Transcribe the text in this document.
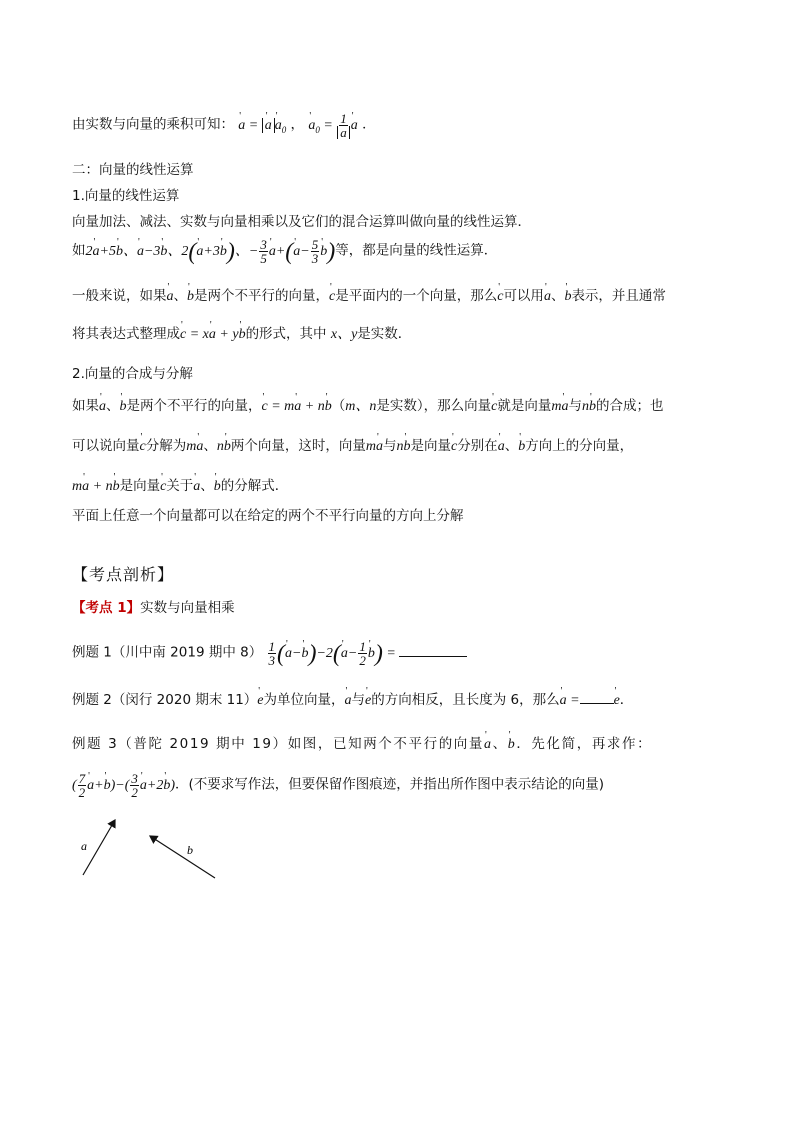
由实数与向量的乘积可知： ' a = ' a ' $a_0$ ， ' $a_0 = \frac{1}{a}$ ' a ．
二：向量的线性运算
1.向量的线性运算
向量加法、减法、实数与向量相乘以及它们的混合运算叫做向量的线性运算．
如2' a+5' b、' a−3' b、2(' a+3' b)、− $\frac{3}{5}$ ' a+(' $a- \frac{5}{3}$ ' b)等，都是向量的线性运算．
一般来说，如果' a、' b是两个不平行的向量，' c是平面内的一个向量，那么' c可以用' a、' b表示，并且通常
将其表达式整理成' c = x' a + y' b的形式，其中 x、y是实数．
2.向量的合成与分解
如果' a、' b是两个不平行的向量，' c = m' a + n' b（m、n是实数），那么向量' c就是向量m' a与n' b的合成；也
可以说向量' c分解为m' a、n' b两个向量，这时，向量m' a与n' b是向量' c分别在' a、' b方向上的分向量，
m' a + n' b是向量' c关于' a、' b的分解式．
平面上任意一个向量都可以在给定的两个不平行向量的方向上分解
【考点剖析】
【考点 1】实数与向量相乘
例题 1（川中南 2019 期中 $8) \frac{1}{3}$ (' a−' b)−2(' $a- \frac{1}{2}$ ' b) =
例题 2（闵行 2020 期末 11）' e为单位向量，' a与' e的方向相反，且长度为 6，那么' a = ' e．
例题 3（普陀 2019 期中 19）如图，已知两个不平行的向量' a、' b．先化简，再求作：
( $\frac{7}{2}$ ' a+' $b)-( \frac{3}{2}$ ' a+2' b)．(不要求写作法，但要保留作图痕迹，并指出所作图中表示结论的向量)
a	b
